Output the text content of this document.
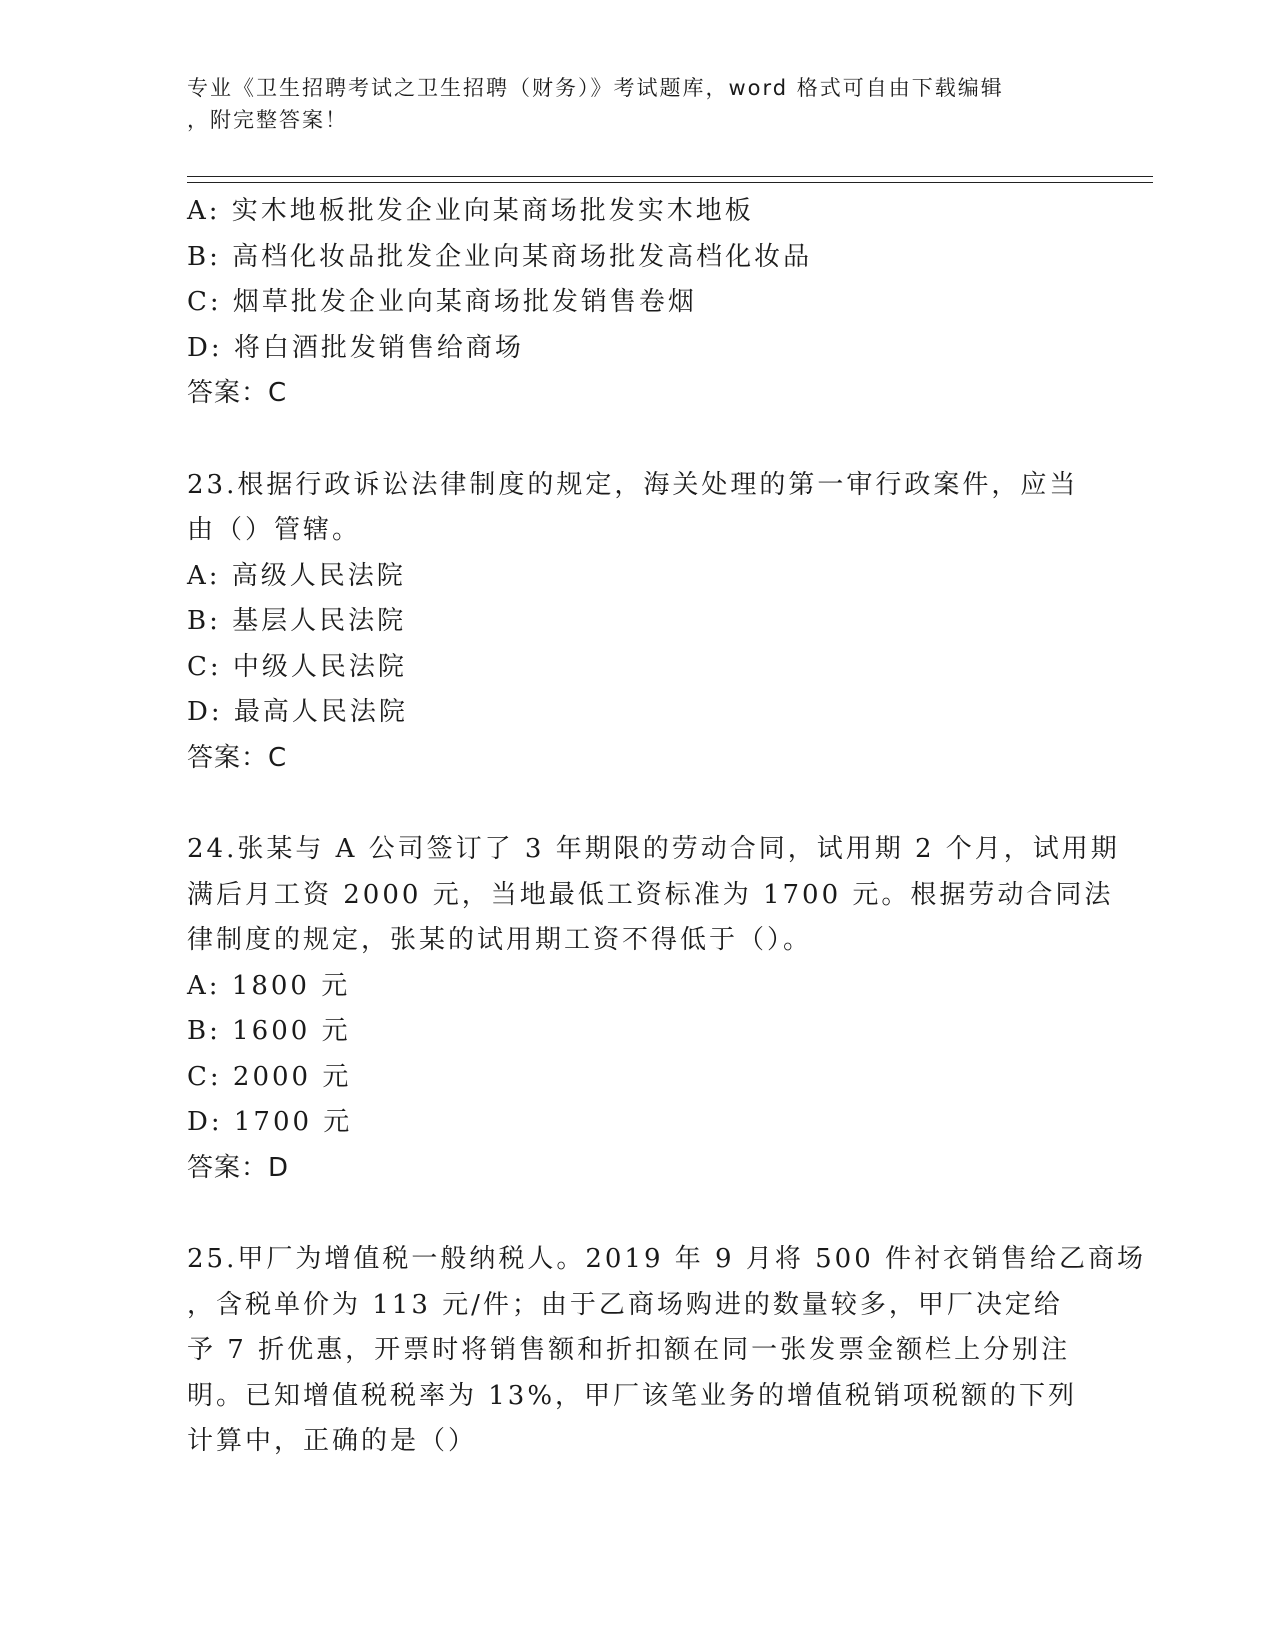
专业《卫生招聘考试之卫生招聘（财务）》考试题库，word 格式可自由下载编辑
，附完整答案！
A: 实木地板批发企业向某商场批发实木地板
B: 高档化妆品批发企业向某商场批发高档化妆品
C: 烟草批发企业向某商场批发销售卷烟
D: 将白酒批发销售给商场
答案：C
23.根据行政诉讼法律制度的规定，海关处理的第一审行政案件，应当
由（）管辖。
A: 高级人民法院
B: 基层人民法院
C: 中级人民法院
D: 最高人民法院
答案：C
24.张某与 A 公司签订了 3 年期限的劳动合同，试用期 2 个月，试用期
满后月工资 2000 元，当地最低工资标准为 1700 元。根据劳动合同法
律制度的规定，张某的试用期工资不得低于（）。
A: 1800 元
B: 1600 元
C: 2000 元
D: 1700 元
答案：D
25.甲厂为增值税一般纳税人。2019 年 9 月将 500 件衬衣销售给乙商场
，含税单价为 113 元/件；由于乙商场购进的数量较多，甲厂决定给
予 7 折优惠，开票时将销售额和折扣额在同一张发票金额栏上分别注
明。已知增值税税率为 13%，甲厂该笔业务的增值税销项税额的下列
计算中，正确的是（）
